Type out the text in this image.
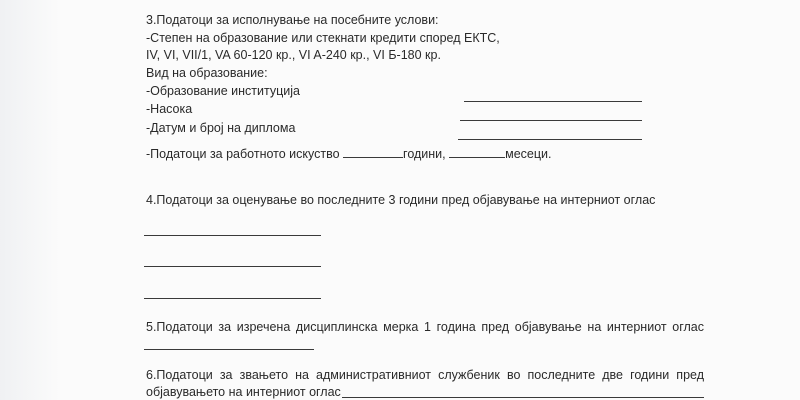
3.Податоци за исполнување на посебните услови:
-Степен на образование или стекнати кредити според ЕКТС,
IV, VI, VII/1, VA 60-120 кр., VI A-240 кр., VI Б-180 кр.
Вид на образование:
-Образование институција
-Насока
-Датум и број на диплома
-Податоци за работното искуство	години,	месеци.
4.Податоци за оценување во последните 3 години пред објавување на интерниот оглас
5.Податоци за изречена дисциплинска мерка 1 година пред објавување на интерниот оглас
6.Податоци за звањето на административниот службеник во последните две години пред
објавувањето на интерниот оглас
